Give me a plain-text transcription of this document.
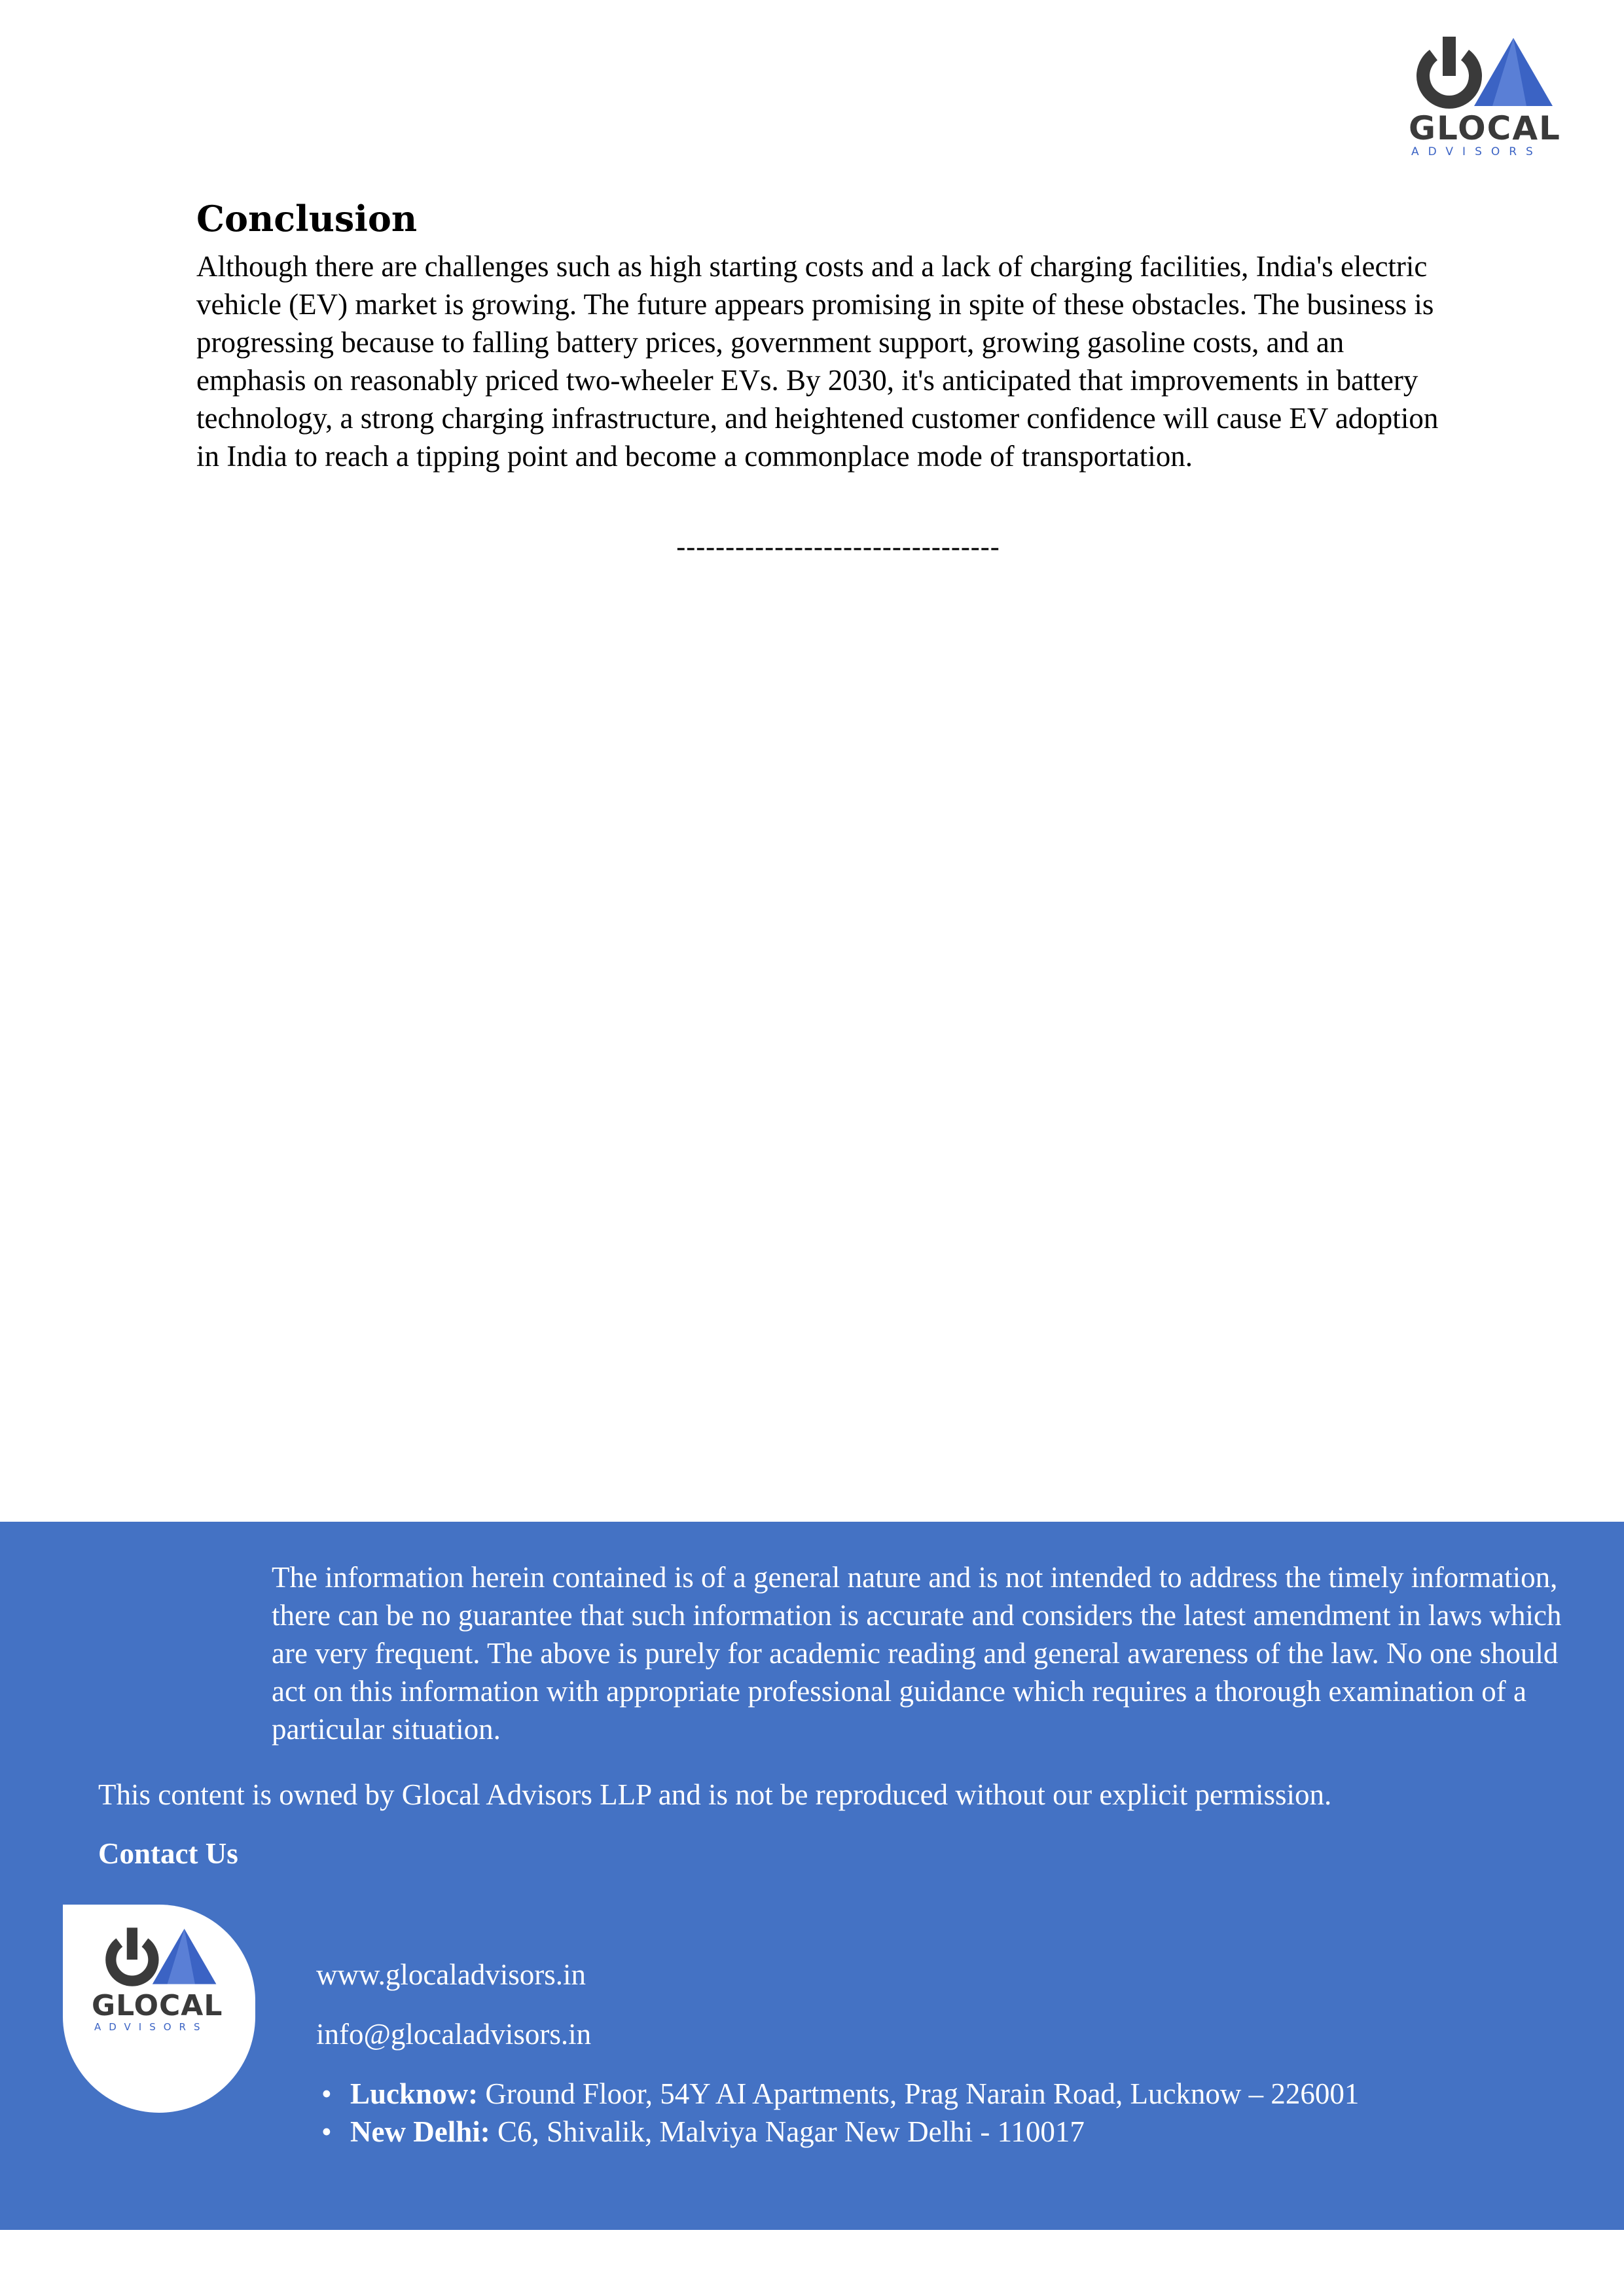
GLOCAL
ADVISORS
Conclusion

Although there are challenges such as high starting costs and a lack of charging facilities, India's electric vehicle (EV) market is growing. The future appears promising in spite of these obstacles. The business is progressing because to falling battery prices, government support, growing gasoline costs, and an emphasis on reasonably priced two-wheeler EVs. By 2030, it's anticipated that improvements in battery technology, a strong charging infrastructure, and heightened customer confidence will cause EV adoption in India to reach a tipping point and become a commonplace mode of transportation.

---------------------------------

The information herein contained is of a general nature and is not intended to address the timely information, there can be no guarantee that such information is accurate and considers the latest amendment in laws which are very frequent. The above is purely for academic reading and general awareness of the law. No one should act on this information with appropriate professional guidance which requires a thorough examination of a particular situation.

This content is owned by Glocal Advisors LLP and is not be reproduced without our explicit permission.

Contact Us

GLOCAL
ADVISORS

www.glocaladvisors.in

info@glocaladvisors.in

• Lucknow: Ground Floor, 54Y AI Apartments, Prag Narain Road, Lucknow – 226001
• New Delhi: C6, Shivalik, Malviya Nagar New Delhi - 110017
